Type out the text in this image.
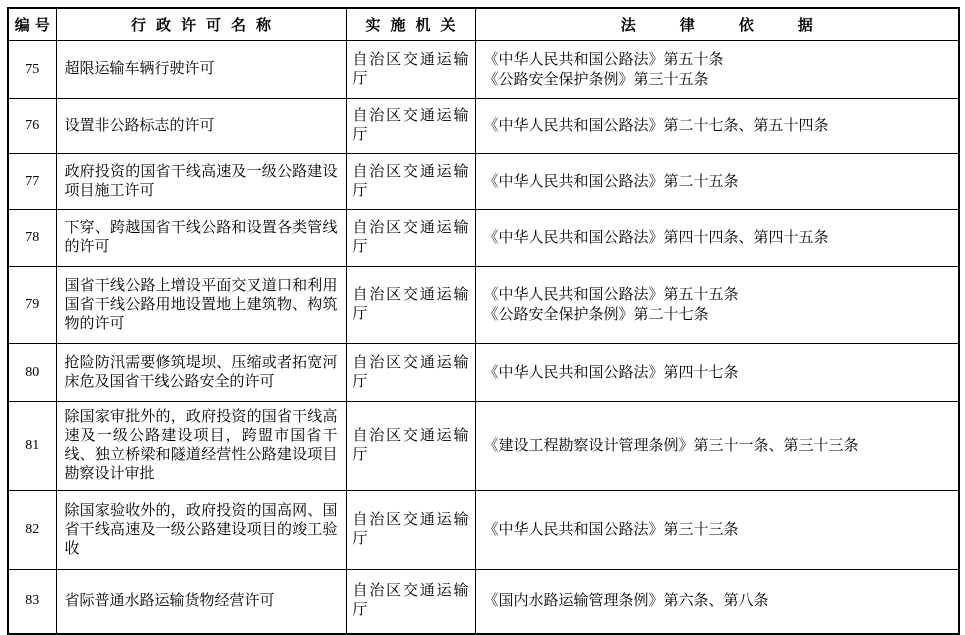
编号	行政许可名称	实施机关	法律依据
75	超限运输车辆行驶许可	自治区交通运输厅	《中华人民共和国公路法》第五十条
《公路安全保护条例》第三十五条

76	设置非公路标志的许可	自治区交通运输厅	《中华人民共和国公路法》第二十七条、第五十四条

77	政府投资的国省干线高速及一级公路建设项目施工许可	自治区交通运输厅	《中华人民共和国公路法》第二十五条

78	下穿、跨越国省干线公路和设置各类管线的许可	自治区交通运输厅	《中华人民共和国公路法》第四十四条、第四十五条

79	国省干线公路上增设平面交叉道口和利用国省干线公路用地设置地上建筑物、构筑物的许可	自治区交通运输厅	《中华人民共和国公路法》第五十五条
《公路安全保护条例》第二十七条

80	抢险防汛需要修筑堤坝、压缩或者拓宽河床危及国省干线公路安全的许可	自治区交通运输厅	《中华人民共和国公路法》第四十七条

81	除国家审批外的，政府投资的国省干线高速及一级公路建设项目，跨盟市国省干线、独立桥梁和隧道经营性公路建设项目勘察设计审批	自治区交通运输厅	《建设工程勘察设计管理条例》第三十一条、第三十三条

82	除国家验收外的，政府投资的国高网、国省干线高速及一级公路建设项目的竣工验收	自治区交通运输厅	《中华人民共和国公路法》第三十三条

83	省际普通水路运输货物经营许可	自治区交通运输厅	《国内水路运输管理条例》第六条、第八条
